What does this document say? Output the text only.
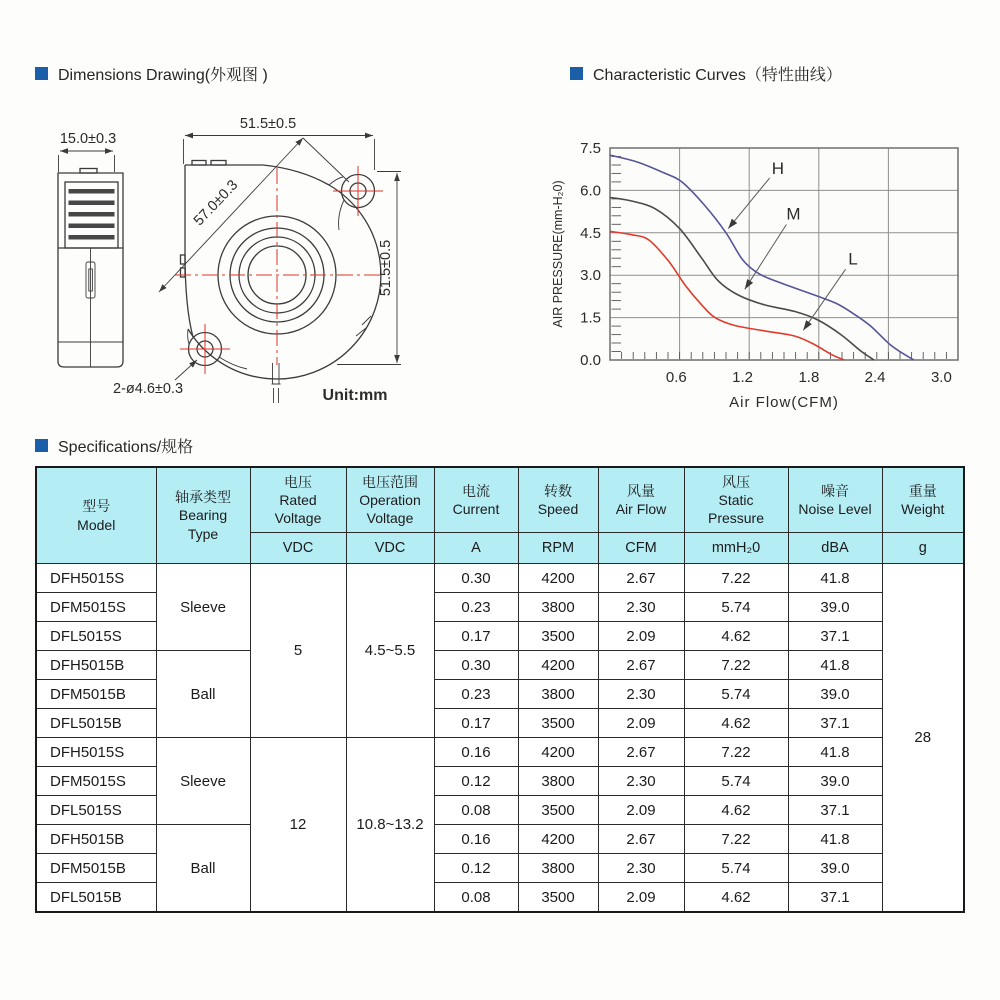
Dimensions Drawing(外观图 )	Characteristic Curves（特性曲线）
Specifications/规格
15.0±0.3
51.5±0.5
57.0±0.3
51.5±0.5
2-ø4.6±0.3	Unit:mm
0.0
1.5
3.0
4.5
6.0
7.5
0.6	1.2	1.8	2.4	3.0
H
M
L
Air Flow(CFM)
AIR PRESSURE(mm-H₂0)
型号
Model	轴承类型
Bearing
Type	电压
Rated
Voltage	电压范围
Operation
Voltage	电流
Current	转数
Speed	风量
Air Flow	风压
Static
Pressure	噪音
Noise Level	重量
Weight
		VDC	VDC	A	RPM	CFM	mmH₂0	dBA	g
DFH5015S	Sleeve	5	4.5~5.5	0.30	4200	2.67	7.22	41.8	28
DFM5015S				0.23	3800	2.30	5.74	39.0	
DFL5015S				0.17	3500	2.09	4.62	37.1	
DFH5015B	Ball			0.30	4200	2.67	7.22	41.8	
DFM5015B				0.23	3800	2.30	5.74	39.0	
DFL5015B				0.17	3500	2.09	4.62	37.1	
DFH5015S	Sleeve	12	10.8~13.2	0.16	4200	2.67	7.22	41.8	
DFM5015S				0.12	3800	2.30	5.74	39.0	
DFL5015S				0.08	3500	2.09	4.62	37.1	
DFH5015B	Ball			0.16	4200	2.67	7.22	41.8	
DFM5015B				0.12	3800	2.30	5.74	39.0	
DFL5015B				0.08	3500	2.09	4.62	37.1	
